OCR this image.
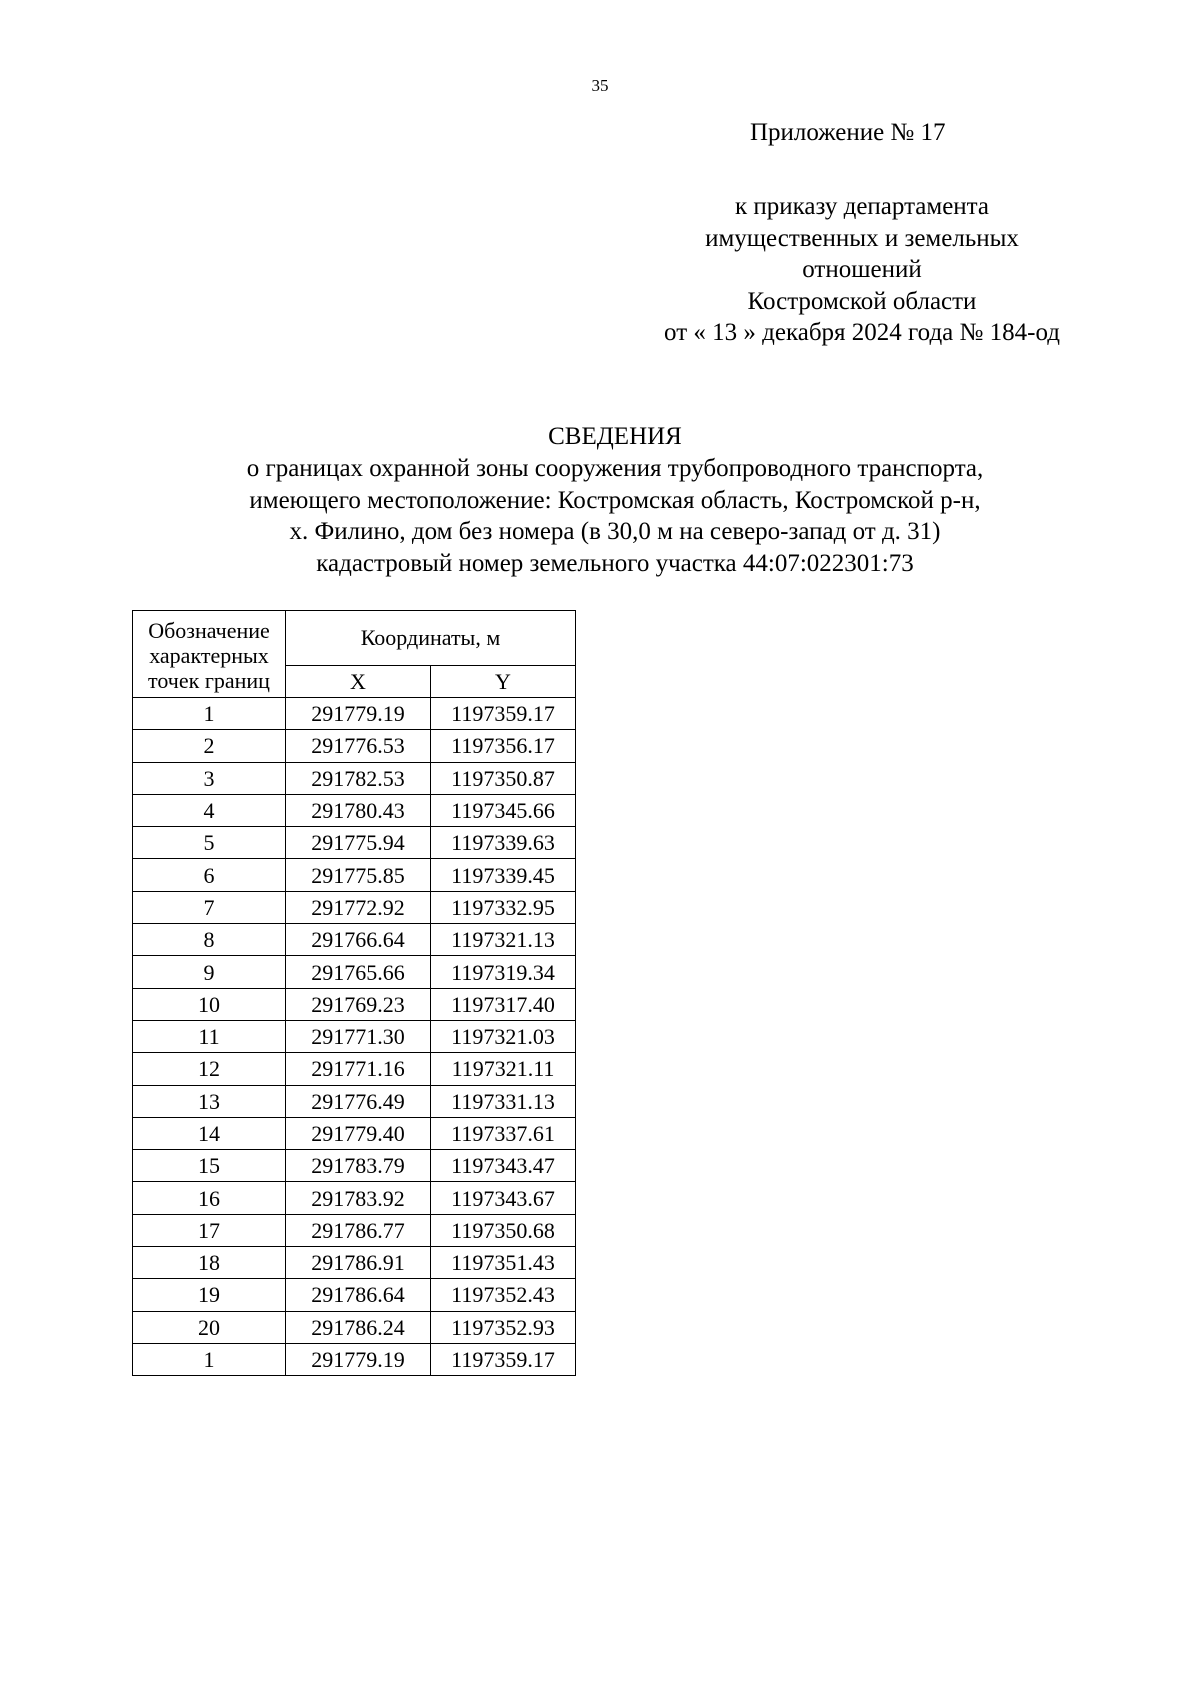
35
Приложение № 17
к приказу департамента
имущественных и земельных
отношений
Костромской области
от « 13 » декабря 2024 года № 184-од
СВЕДЕНИЯ
о границах охранной зоны сооружения трубопроводного транспорта,
имеющего местоположение: Костромская область, Костромской р-н,
х. Филино, дом без номера (в 30,0 м на северо-запад от д. 31)
кадастровый номер земельного участка 44:07:022301:73
Обозначение
характерных
точек границ	Координаты, м	
	X	Y
1	291779.19	1197359.17
2	291776.53	1197356.17
3	291782.53	1197350.87
4	291780.43	1197345.66
5	291775.94	1197339.63
6	291775.85	1197339.45
7	291772.92	1197332.95
8	291766.64	1197321.13
9	291765.66	1197319.34
10	291769.23	1197317.40
11	291771.30	1197321.03
12	291771.16	1197321.11
13	291776.49	1197331.13
14	291779.40	1197337.61
15	291783.79	1197343.47
16	291783.92	1197343.67
17	291786.77	1197350.68
18	291786.91	1197351.43
19	291786.64	1197352.43
20	291786.24	1197352.93
1	291779.19	1197359.17
